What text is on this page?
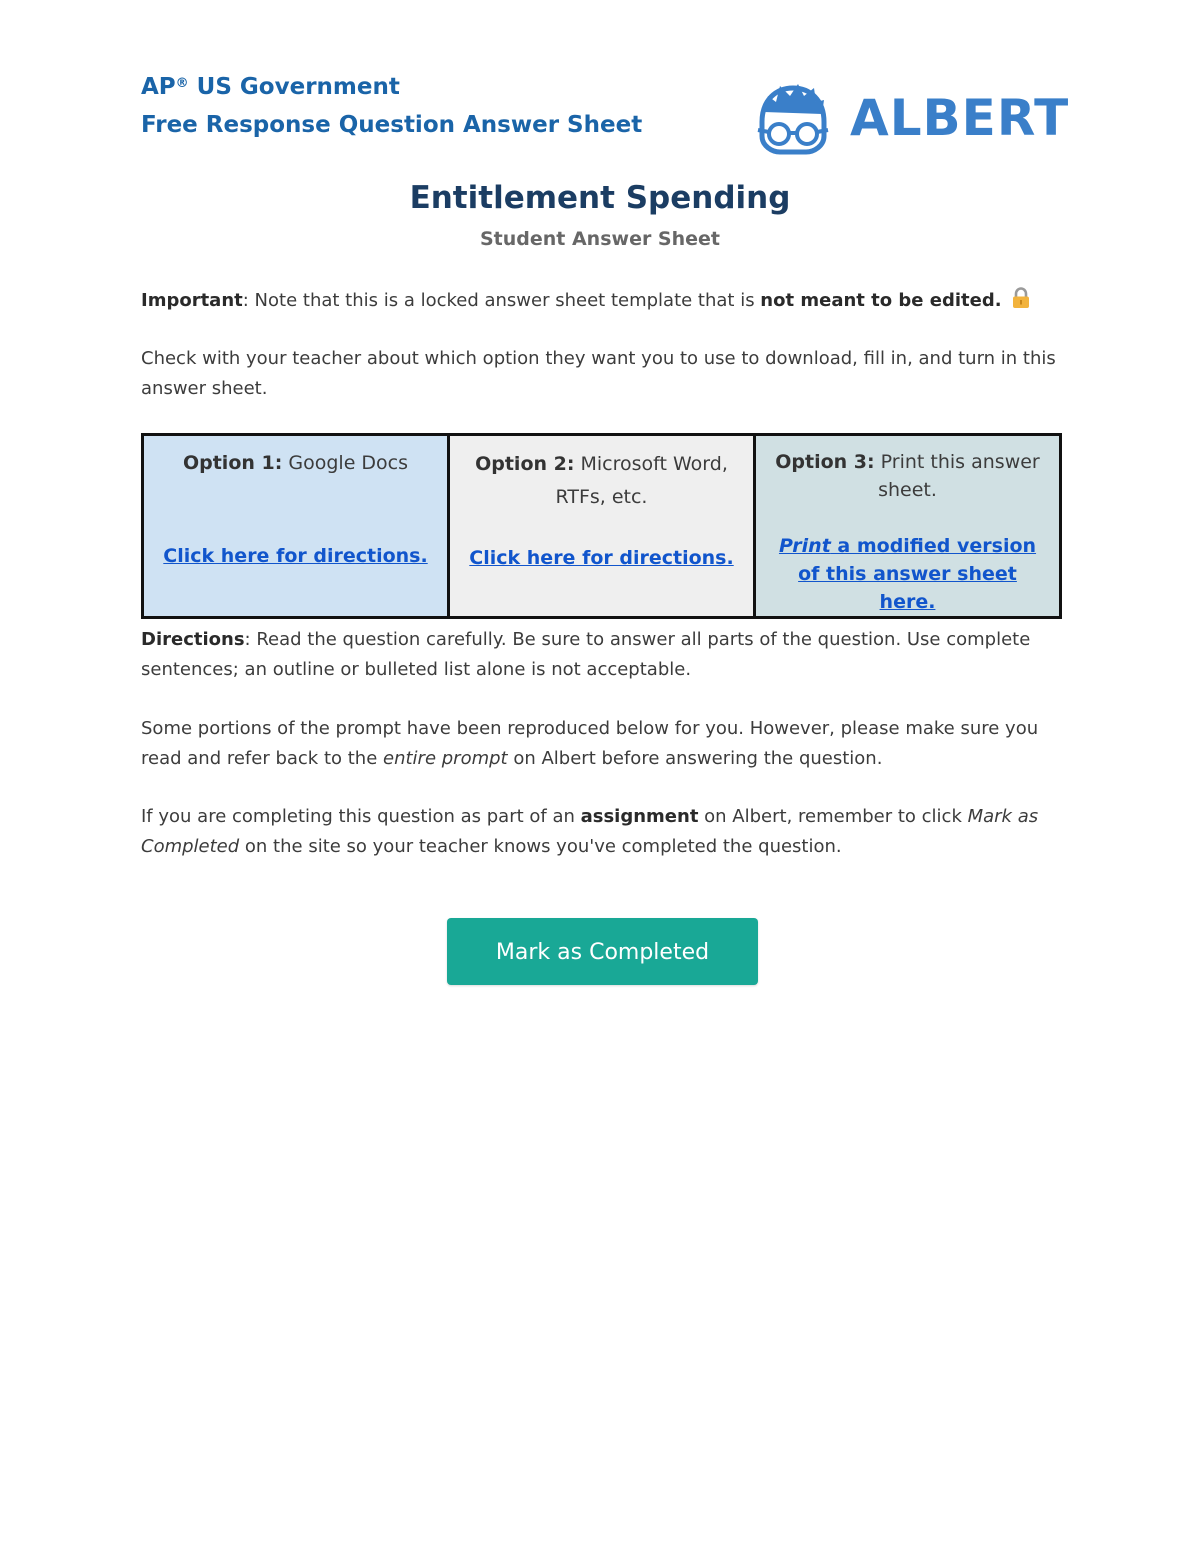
AP® US Government
Free Response Question Answer Sheet	ALBERT
Entitlement Spending
Student Answer Sheet
Important: Note that this is a locked answer sheet template that is not meant to be edited.
Check with your teacher about which option they want you to use to download, fill in, and turn in this answer sheet.
Option 1: Google Docs
Click here for directions.

Option 2: Microsoft Word, RTFs, etc.
Click here for directions.

Option 3: Print this answer sheet.
Print a modified version of this answer sheet here.
Directions: Read the question carefully. Be sure to answer all parts of the question. Use complete sentences; an outline or bulleted list alone is not acceptable.
Some portions of the prompt have been reproduced below for you. However, please make sure you read and refer back to the entire prompt on Albert before answering the question.
If you are completing this question as part of an assignment on Albert, remember to click Mark as Completed on the site so your teacher knows you've completed the question.
Mark as Completed
